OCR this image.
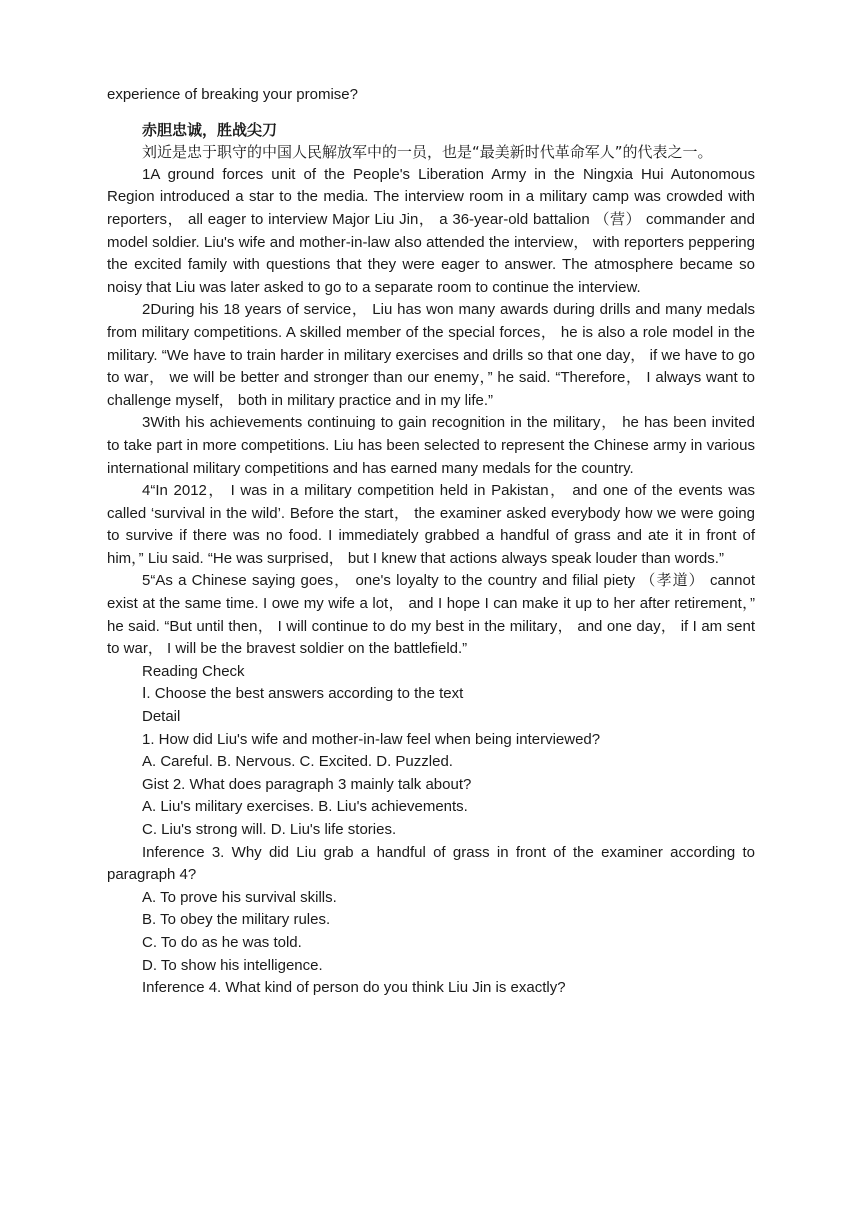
experience of breaking your promise?

赤胆忠诚，胜战尖刀

刘近是忠于职守的中国人民解放军中的一员，也是“最美新时代革命军人”的代表之一。

1A ground forces unit of the People's Liberation Army in the Ningxia Hui Autonomous Region introduced a star to the media. The interview room in a military camp was crowded with reporters， all eager to interview Major Liu Jin， a 36-year-old battalion （营） commander and model soldier. Liu's wife and mother-in-law also attended the interview， with reporters peppering the excited family with questions that they were eager to answer. The atmosphere became so noisy that Liu was later asked to go to a separate room to continue the interview.

2During his 18 years of service， Liu has won many awards during drills and many medals from military competitions. A skilled member of the special forces， he is also a role model in the military. “We have to train harder in military exercises and drills so that one day， if we have to go to war， we will be better and stronger than our enemy，” he said. “Therefore， I always want to challenge myself， both in military practice and in my life.”

3With his achievements continuing to gain recognition in the military， he has been invited to take part in more competitions. Liu has been selected to represent the Chinese army in various international military competitions and has earned many medals for the country.

4“In 2012， I was in a military competition held in Pakistan， and one of the events was called ‘survival in the wild’. Before the start， the examiner asked everybody how we were going to survive if there was no food. I immediately grabbed a handful of grass and ate it in front of him，” Liu said. “He was surprised， but I knew that actions always speak louder than words.”

5“As a Chinese saying goes， one's loyalty to the country and filial piety （孝道） cannot exist at the same time. I owe my wife a lot， and I hope I can make it up to her after retirement，” he said. “But until then， I will continue to do my best in the military， and one day， if I am sent to war， I will be the bravest soldier on the battlefield.”

Reading Check

Ⅰ. Choose the best answers according to the text

Detail

1. How did Liu's wife and mother-in-law feel when being interviewed?

A. Careful. B. Nervous. C. Excited. D. Puzzled.

Gist 2. What does paragraph 3 mainly talk about?

A. Liu's military exercises. B. Liu's achievements.

C. Liu's strong will. D. Liu's life stories.

Inference 3. Why did Liu grab a handful of grass in front of the examiner according to paragraph 4?

A. To prove his survival skills.

B. To obey the military rules.

C. To do as he was told.

D. To show his intelligence.

Inference 4. What kind of person do you think Liu Jin is exactly?
